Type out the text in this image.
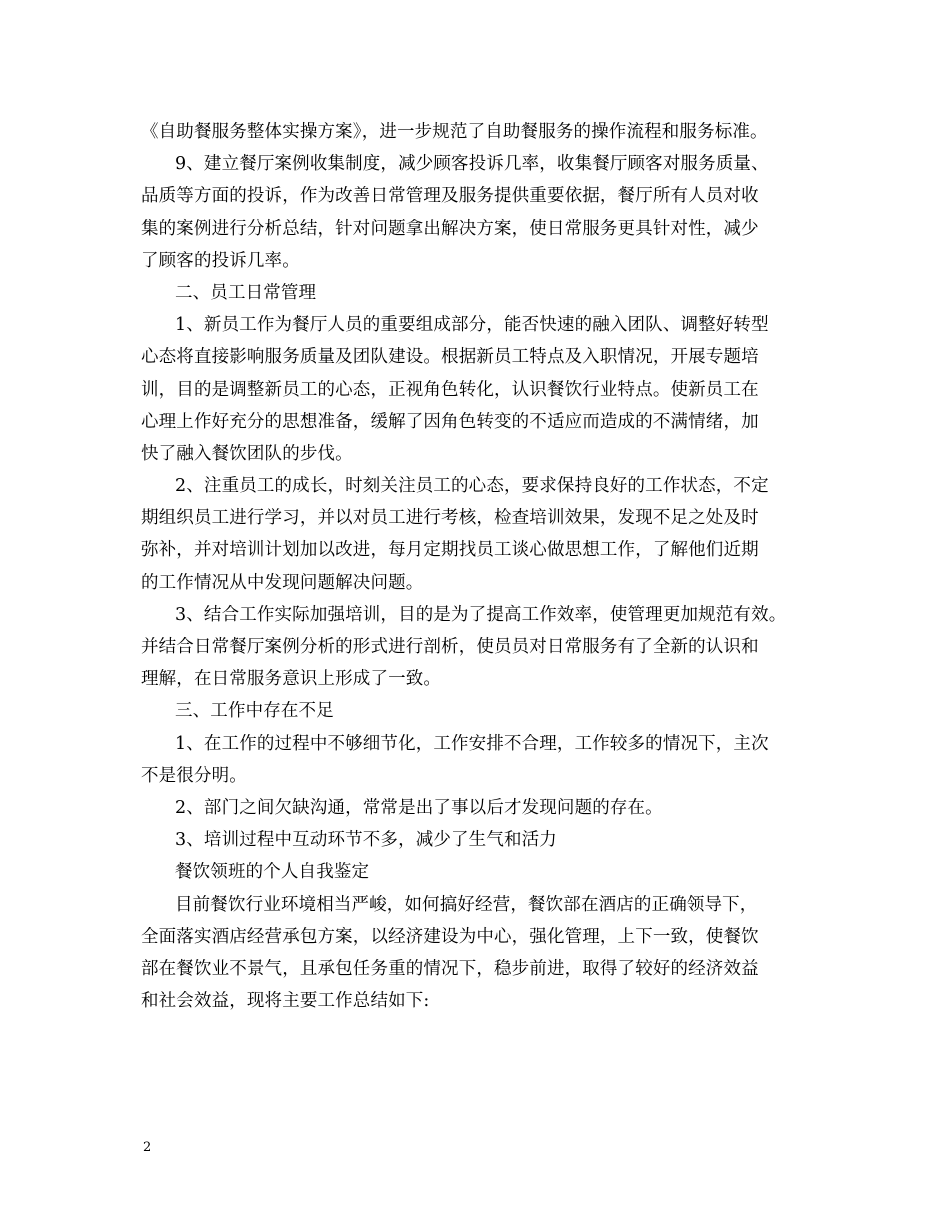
《自助餐服务整体实操方案》，进一步规范了自助餐服务的操作流程和服务标准。
9、建立餐厅案例收集制度，减少顾客投诉几率，收集餐厅顾客对服务质量、
品质等方面的投诉，作为改善日常管理及服务提供重要依据，餐厅所有人员对收
集的案例进行分析总结，针对问题拿出解决方案，使日常服务更具针对性，减少
了顾客的投诉几率。
二、员工日常管理
1、新员工作为餐厅人员的重要组成部分，能否快速的融入团队、调整好转型
心态将直接影响服务质量及团队建设。根据新员工特点及入职情况，开展专题培
训，目的是调整新员工的心态，正视角色转化，认识餐饮行业特点。使新员工在
心理上作好充分的思想准备，缓解了因角色转变的不适应而造成的不满情绪，加
快了融入餐饮团队的步伐。
2、注重员工的成长，时刻关注员工的心态，要求保持良好的工作状态，不定
期组织员工进行学习，并以对员工进行考核，检查培训效果，发现不足之处及时
弥补，并对培训计划加以改进，每月定期找员工谈心做思想工作，了解他们近期
的工作情况从中发现问题解决问题。
3、结合工作实际加强培训，目的是为了提高工作效率，使管理更加规范有效。
并结合日常餐厅案例分析的形式进行剖析，使员员对日常服务有了全新的认识和
理解，在日常服务意识上形成了一致。
三、工作中存在不足
1、在工作的过程中不够细节化，工作安排不合理，工作较多的情况下，主次
不是很分明。
2、部门之间欠缺沟通，常常是出了事以后才发现问题的存在。
3、培训过程中互动环节不多，减少了生气和活力
餐饮领班的个人自我鉴定
目前餐饮行业环境相当严峻，如何搞好经营，餐饮部在酒店的正确领导下，
全面落实酒店经营承包方案，以经济建设为中心，强化管理，上下一致，使餐饮
部在餐饮业不景气，且承包任务重的情况下，稳步前进，取得了较好的经济效益
和社会效益，现将主要工作总结如下:
2
